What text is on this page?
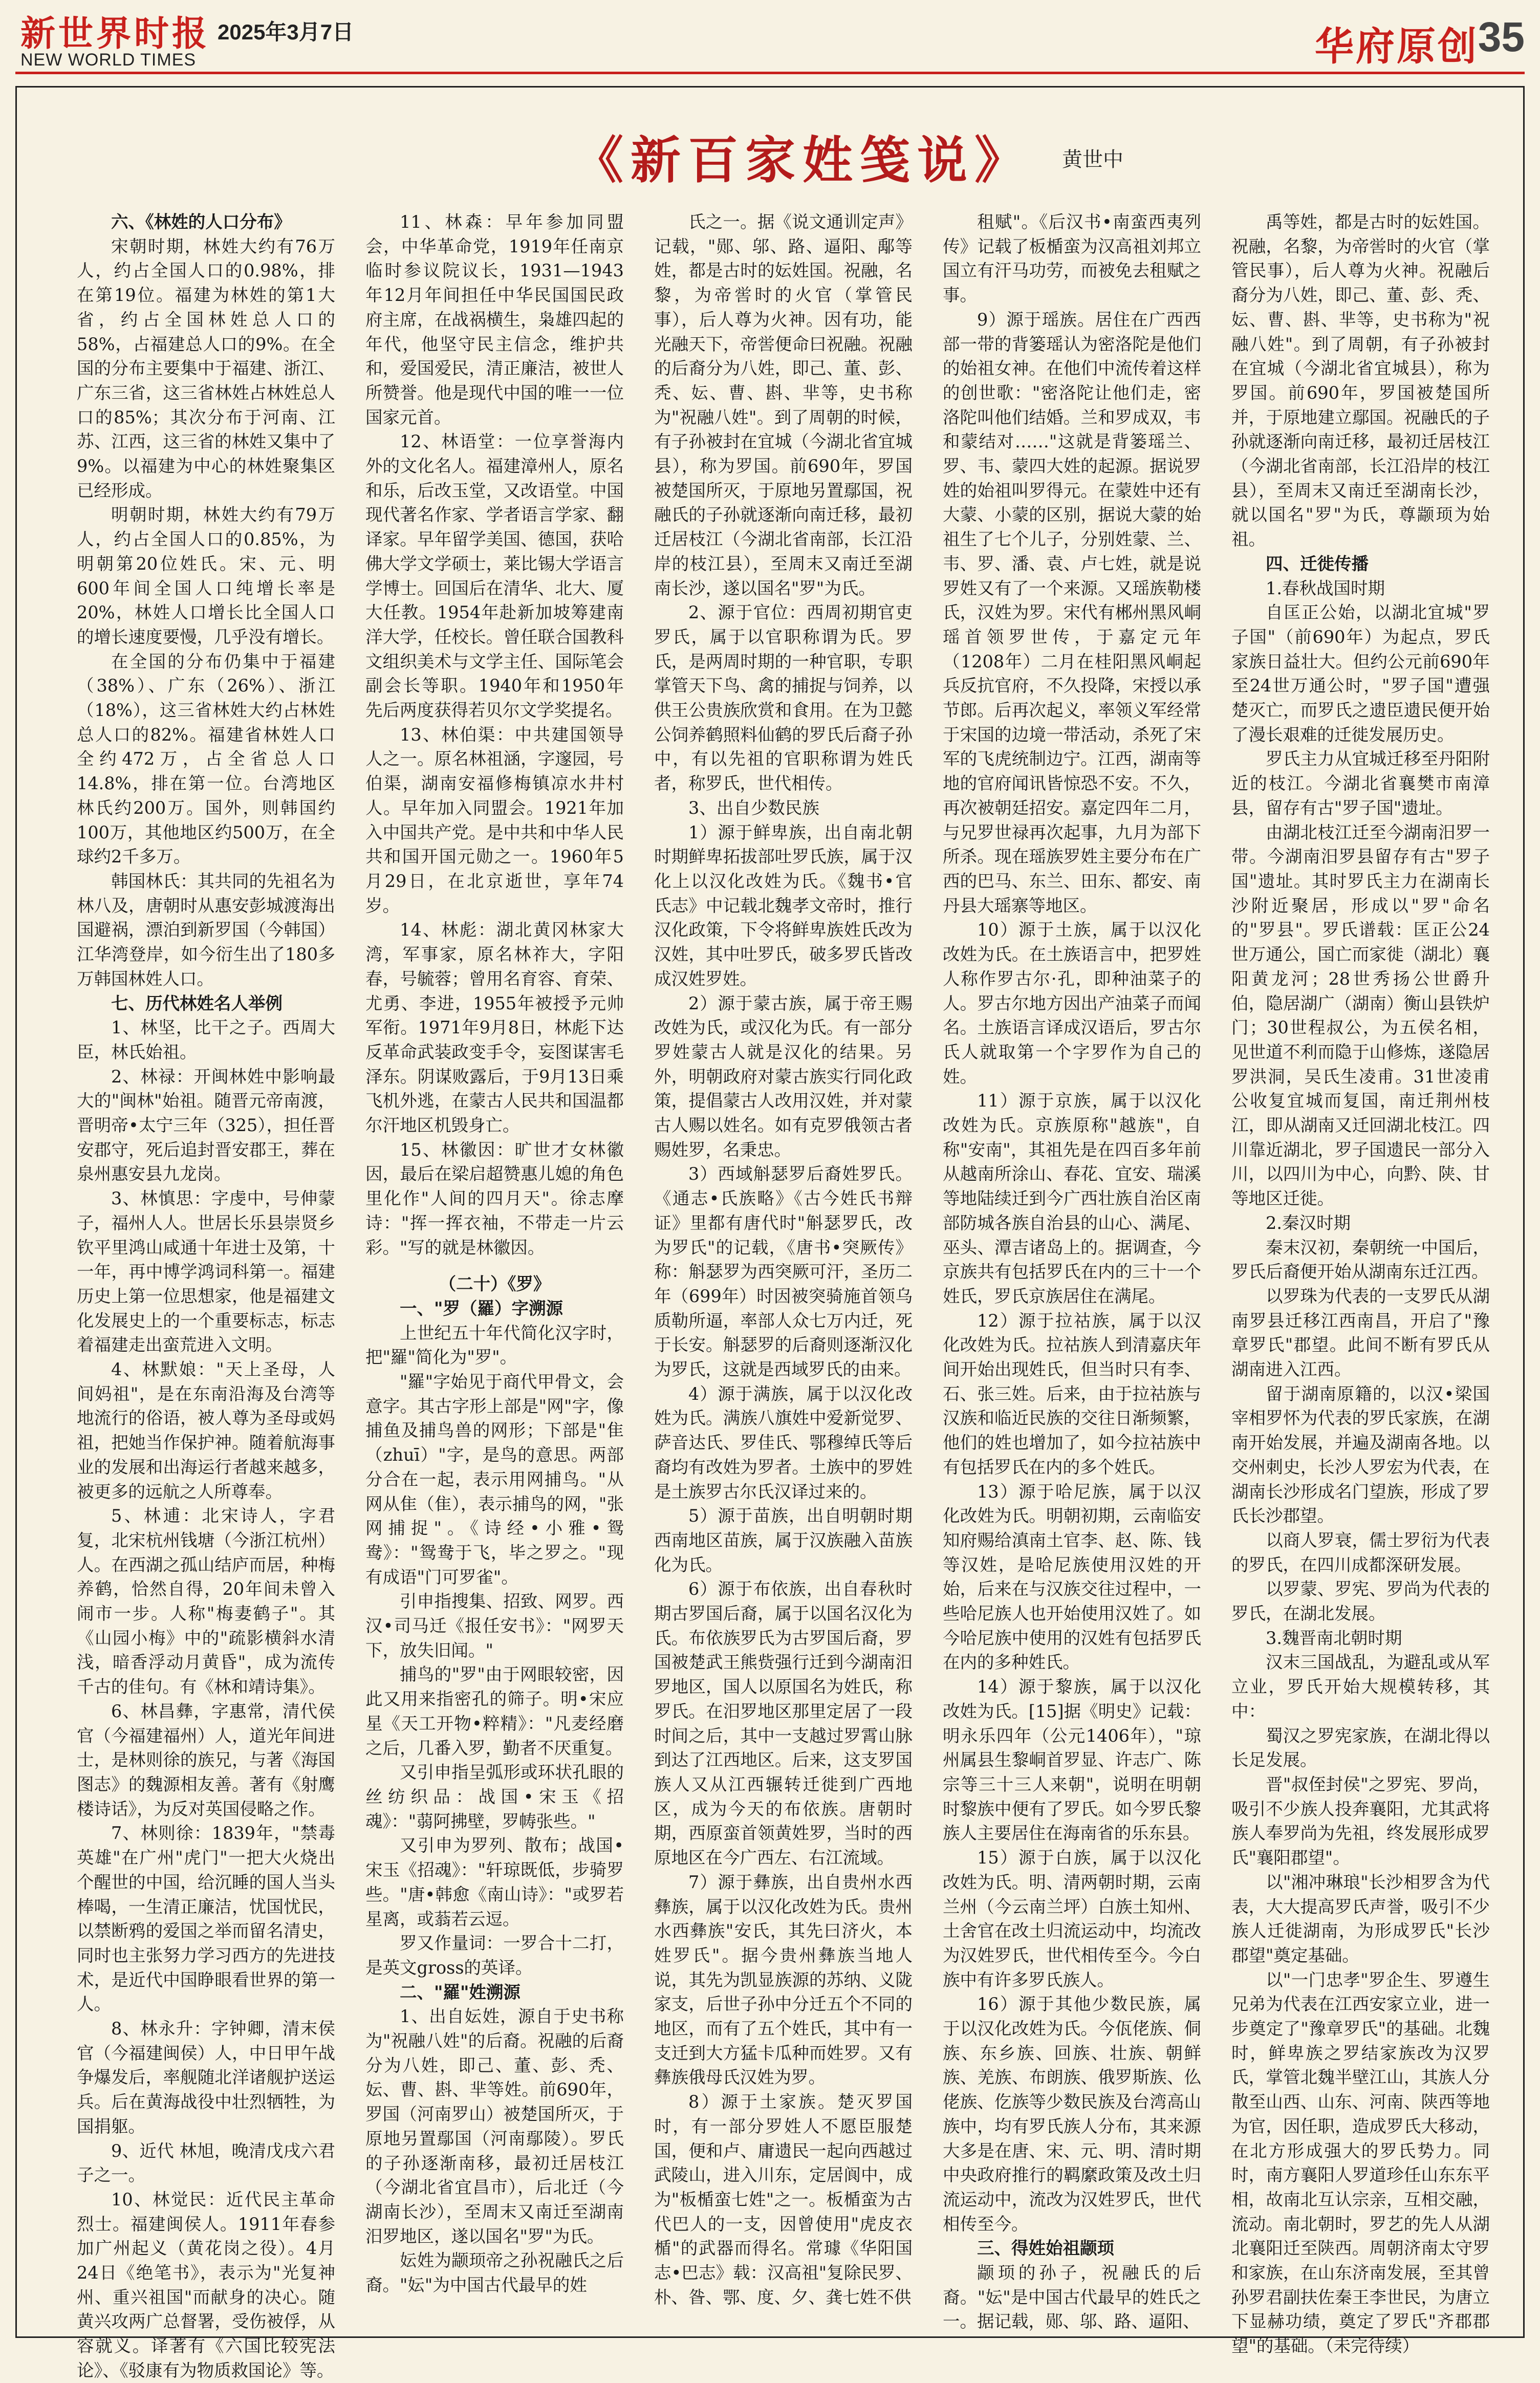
新世界时报 2025年3月7日
NEW WORLD TIMES	华府原创
35
《新百家姓笺说》 黄世中

六、《林姓的人口分布》

宋朝时期，林姓大约有76万人，约占全国人口的0.98%，排在第19位。福建为林姓的第1大省，约占全国林姓总人口的58%，占福建总人口的9%。在全国的分布主要集中于福建、浙江、广东三省，这三省林姓占林姓总人口的85%；其次分布于河南、江苏、江西，这三省的林姓又集中了9%。以福建为中心的林姓聚集区已经形成。

明朝时期，林姓大约有79万人，约占全国人口的0.85%，为明朝第20位姓氏。宋、元、明600年间全国人口纯增长率是20%，林姓人口增长比全国人口的增长速度要慢，几乎没有增长。

在全国的分布仍集中于福建（38%）、广东（26%）、浙江（18%），这三省林姓大约占林姓总人口的82%。福建省林姓人口全约472万，占全省总人口14.8%，排在第一位。台湾地区林氏约200万。国外，则韩国约100万，其他地区约500万，在全球约2千多万。

韩国林氏：其共同的先祖名为林八及，唐朝时从惠安彭城渡海出国避祸，漂泊到新罗国（今韩国）江华湾登岸，如今衍生出了180多万韩国林姓人口。

七、历代林姓名人举例

1、林坚，比干之子。西周大臣，林氏始祖。

2、林禄：开闽林姓中影响最大的"闽林"始祖。随晋元帝南渡，晋明帝•太宁三年（325），担任晋安郡守，死后追封晋安郡王，葬在泉州惠安县九龙岗。

3、林慎思：字虔中，号伸蒙子，福州人人。世居长乐县崇贤乡钦平里鸿山咸通十年进士及第，十一年，再中博学鸿词科第一。福建历史上第一位思想家，他是福建文化发展史上的一个重要标志，标志着福建走出蛮荒进入文明。

4、林默娘："天上圣母，人间妈祖"，是在东南沿海及台湾等地流行的俗语，被人尊为圣母或妈祖，把她当作保护神。随着航海事业的发展和出海运行者越来越多，被更多的远航之人所尊奉。

5、林逋：北宋诗人，字君复，北宋杭州钱塘（今浙江杭州）人。在西湖之孤山结庐而居，种梅养鹤，恰然自得，20年间未曾入闹市一步。人称"梅妻鹤子"。其《山园小梅》中的"疏影横斜水清浅，暗香浮动月黄昏"，成为流传千古的佳句。有《林和靖诗集》。

6、林昌彝，字惠常，清代侯官（今福建福州）人，道光年间进士，是林则徐的族兄，与著《海国图志》的魏源相友善。著有《射鹰楼诗话》，为反对英国侵略之作。

7、林则徐：1839年，"禁毒英雄"在广州"虎门"一把大火烧出个醒世的中国，给沉睡的国人当头棒喝，一生清正廉洁，忧国忧民，以禁断鸦的爱国之举而留名清史，同时也主张努力学习西方的先进技术，是近代中国睁眼看世界的第一人。

8、林永升：字钟卿，清末侯官（今福建闽侯）人，中日甲午战争爆发后，率舰随北洋诸舰护送运兵。后在黄海战役中壮烈牺牲，为国捐躯。

9、近代 林旭，晚清戊戌六君子之一。

10、林觉民：近代民主革命烈士。福建闽侯人。1911年春参加广州起义（黄花岗之役）。4月24日《绝笔书》，表示为"光复神州、重兴祖国"而献身的决心。随黄兴攻两广总督署，受伤被俘，从容就义。译著有《六国比较宪法论》、《驳康有为物质救国论》等。

11、林森：早年参加同盟会，中华革命党，1919年任南京临时参议院议长，1931—1943年12月年间担任中华民国国民政府主席，在战祸横生，枭雄四起的年代，他坚守民主信念，维护共和，爱国爱民，清正廉洁，被世人所赞誉。他是现代中国的唯一一位国家元首。

12、林语堂：一位享誉海内外的文化名人。福建漳州人，原名和乐，后改玉堂，又改语堂。中国现代著名作家、学者语言学家、翻译家。早年留学美国、德国，获哈佛大学文学硕士，莱比锡大学语言学博士。回国后在清华、北大、厦大任教。1954年赴新加坡筹建南洋大学，任校长。曾任联合国教科文组织美术与文学主任、国际笔会副会长等职。1940年和1950年先后两度获得若贝尔文学奖提名。

13、林伯渠：中共建国领导人之一。原名林祖涵，字邃园，号伯渠，湖南安福修梅镇凉水井村人。早年加入同盟会。1921年加入中国共产党。是中共和中华人民共和国开国元勋之一。1960年5月29日，在北京逝世，享年74岁。

14、林彪：湖北黄冈林家大湾，军事家，原名林祚大，字阳春，号毓蓉；曾用名育容、育荣、尤勇、李进，1955年被授予元帅军衔。1971年9月8日，林彪下达反革命武装政变手令，妄图谋害毛泽东。阴谋败露后，于9月13日乘飞机外逃，在蒙古人民共和国温都尔汗地区机毁身亡。

15、林徽因：旷世才女林徽因，最后在梁启超赞惠儿媳的角色里化作"人间的四月天"。徐志摩诗："挥一挥衣袖，不带走一片云彩。"写的就是林徽因。

（二十）《罗》

一、"罗（羅）字溯源

上世纪五十年代简化汉字时，把"羅"简化为"罗"。

"羅"字始见于商代甲骨文，会意字。其古字形上部是"网"字，像捕鱼及捕鸟兽的网形；下部是"隹（zhuī）"字，是鸟的意思。两部分合在一起，表示用网捕鸟。"从网从隹（隹），表示捕鸟的网，"张网捕捉"。《诗经•小雅•鸳鸯》："鸳鸯于飞，毕之罗之。"现有成语"门可罗雀"。

引申指搜集、招致、网罗。西汉•司马迁《报任安书》："网罗天下，放失旧闻。"

捕鸟的"罗"由于网眼较密，因此又用来指密孔的筛子。明•宋应星《天工开物•粹精》："凡麦经磨之后，几番入罗，勤者不厌重复。

又引申指呈弧形或环状孔眼的丝纺织品：战国•宋玉《招魂》："蒻阿拂壁，罗帱张些。"

又引申为罗列、散布；战国•宋玉《招魂》："轩琼既低，步骑罗些。"唐•韩愈《南山诗》："或罗若星离，或蓊若云逗。

罗又作量词：一罗合十二打，是英文gross的英译。

二、"羅"姓溯源

1、出自妘姓，源自于史书称为"祝融八姓"的后裔。祝融的后裔分为八姓，即己、董、彭、秃、妘、曹、斟、芈等姓。前690年，罗国（河南罗山）被楚国所灭，于原地另置鄢国（河南鄢陵）。罗氏的子孙逐渐南移，最初迁居枝江（今湖北省宜昌市），后北迁（今湖南长沙），至周末又南迁至湖南汨罗地区，遂以国名"罗"为氏。

妘姓为颛顼帝之孙祝融氏之后裔。"妘"为中国古代最早的姓

氏之一。据《说文通训定声》记载，"郧、邬、路、逼阳、鄅等姓，都是古时的妘姓国。祝融，名黎，为帝喾时的火官（掌管民事），后人尊为火神。因有功，能光融天下，帝喾便命曰祝融。祝融的后裔分为八姓，即己、董、彭、秃、妘、曹、斟、芈等，史书称为"祝融八姓"。到了周朝的时候，有子孙被封在宜城（今湖北省宜城县），称为罗国。前690年，罗国被楚国所灭，于原地另置鄢国，祝融氏的子孙就逐渐向南迁移，最初迁居枝江（今湖北省南部，长江沿岸的枝江县），至周末又南迁至湖南长沙，遂以国名"罗"为氏。

2、源于官位：西周初期官吏罗氏，属于以官职称谓为氏。罗氏，是两周时期的一种官职，专职掌管天下鸟、禽的捕捉与饲养，以供王公贵族欣赏和食用。在为卫懿公饲养鹤照料仙鹤的罗氏后裔子孙中，有以先祖的官职称谓为姓氏者，称罗氏，世代相传。

3、出自少数民族

1）源于鲜卑族，出自南北朝时期鲜卑拓拔部吐罗氏族，属于汉化上以汉化改姓为氏。《魏书•官氏志》中记载北魏孝文帝时，推行汉化政策，下令将鲜卑族姓氏改为汉姓，其中吐罗氏，破多罗氏皆改成汉姓罗姓。

2）源于蒙古族，属于帝王赐改姓为氏，或汉化为氏。有一部分罗姓蒙古人就是汉化的结果。另外，明朝政府对蒙古族实行同化政策，提倡蒙古人改用汉姓，并对蒙古人赐以姓名。如有克罗俄领古者赐姓罗，名秉忠。

3）西域斛瑟罗后裔姓罗氏。《通志•氏族略》《古今姓氏书辩证》里都有唐代时"斛瑟罗氏，改为罗氏"的记载，《唐书•突厥传》称：斛瑟罗为西突厥可汗，圣历二年（699年）时因被突骑施首领乌质勒所逼，率部人众七万内迁，死于长安。斛瑟罗的后裔则逐渐汉化为罗氏，这就是西域罗氏的由来。

4）源于满族，属于以汉化改姓为氏。满族八旗姓中爱新觉罗、萨音达氏、罗佳氏、鄂穆绰氏等后裔均有改姓为罗者。土族中的罗姓是土族罗古尔氏汉译过来的。

5）源于苗族，出自明朝时期西南地区苗族，属于汉族融入苗族化为氏。

6）源于布依族，出自春秋时期古罗国后裔，属于以国名汉化为氏。布依族罗氏为古罗国后裔，罗国被楚武王熊赀强行迁到今湖南汨罗地区，国人以原国名为姓氏，称罗氏。在汨罗地区那里定居了一段时间之后，其中一支越过罗霄山脉到达了江西地区。后来，这支罗国族人又从江西辗转迁徙到广西地区，成为今天的布依族。唐朝时期，西原蛮首领黄姓罗，当时的西原地区在今广西左、右江流域。

7）源于彝族，出自贵州水西彝族，属于以汉化改姓为氏。贵州水西彝族"安氏，其先曰济火，本姓罗氏"。据今贵州彝族当地人说，其先为凯显族源的苏纳、义陇家支，后世子孙中分迁五个不同的地区，而有了五个姓氏，其中有一支迁到大方猛卡瓜种而姓罗。又有彝族俄母氏汉姓为罗。

8）源于土家族。楚灭罗国时，有一部分罗姓人不愿臣服楚国，便和卢、庸遗民一起向西越过武陵山，进入川东，定居阆中，成为"板楯蛮七姓"之一。板楯蛮为古代巴人的一支，因曾使用"虎皮衣楯"的武器而得名。常璩《华阳国志•巴志》载：汉高祖"复除民罗、朴、昝、鄂、度、夕、龚七姓不供

租赋"。《后汉书•南蛮西夷列传》记载了板楯蛮为汉高祖刘邦立国立有汗马功劳，而被免去租赋之事。

9）源于瑶族。居住在广西西部一带的背篓瑶认为密洛陀是他们的始祖女神。在他们中流传着这样的创世歌："密洛陀让他们走，密洛陀叫他们结婚。兰和罗成双，韦和蒙结对……"这就是背篓瑶兰、罗、韦、蒙四大姓的起源。据说罗姓的始祖叫罗得元。在蒙姓中还有大蒙、小蒙的区别，据说大蒙的始祖生了七个儿子，分别姓蒙、兰、韦、罗、潘、袁、卢七姓，就是说罗姓又有了一个来源。又瑶族勒楼氏，汉姓为罗。宋代有郴州黑风峒瑶首领罗世传，于嘉定元年（1208年）二月在桂阳黑风峒起兵反抗官府，不久投降，宋授以承节郎。后再次起义，率领义军经常于宋国的边境一带活动，杀死了宋军的飞虎统制边宁。江西，湖南等地的官府闻讯皆惊恐不安。不久，再次被朝廷招安。嘉定四年二月，与兄罗世禄再次起事，九月为部下所杀。现在瑶族罗姓主要分布在广西的巴马、东兰、田东、都安、南丹县大瑶寨等地区。

10）源于土族，属于以汉化改姓为氏。在土族语言中，把罗姓人称作罗古尔·孔，即种油菜子的人。罗古尔地方因出产油菜子而闻名。土族语言译成汉语后，罗古尔氏人就取第一个字罗作为自己的姓。

11）源于京族，属于以汉化改姓为氏。京族原称"越族"，自称"安南"，其祖先是在四百多年前从越南所涂山、春花、宜安、瑞溪等地陆续迁到今广西壮族自治区南部防城各族自治县的山心、满尾、巫头、潭吉诸岛上的。据调查，今京族共有包括罗氏在内的三十一个姓氏，罗氏京族居住在满尾。

12）源于拉祜族，属于以汉化改姓为氏。拉祜族人到清嘉庆年间开始出现姓氏，但当时只有李、石、张三姓。后来，由于拉祜族与汉族和临近民族的交往日渐频繁，他们的姓也增加了，如今拉祜族中有包括罗氏在内的多个姓氏。

13）源于哈尼族，属于以汉化改姓为氏。明朝初期，云南临安知府赐给滇南土官李、赵、陈、钱等汉姓，是哈尼族使用汉姓的开始，后来在与汉族交往过程中，一些哈尼族人也开始使用汉姓了。如今哈尼族中使用的汉姓有包括罗氏在内的多种姓氏。

14）源于黎族，属于以汉化改姓为氏。[15]据《明史》记载：明永乐四年（公元1406年），"琼州属县生黎峒首罗显、许志广、陈宗等三十三人来朝"，说明在明朝时黎族中便有了罗氏。如今罗氏黎族人主要居住在海南省的乐东县。

15）源于白族，属于以汉化改姓为氏。明、清两朝时期，云南兰州（今云南兰坪）白族土知州、土舍官在改土归流运动中，均流改为汉姓罗氏，世代相传至今。今白族中有许多罗氏族人。

16）源于其他少数民族，属于以汉化改姓为氏。今佤佬族、侗族、东乡族、回族、壮族、朝鲜族、羌族、布朗族、俄罗斯族、仫佬族、仡族等少数民族及台湾高山族中，均有罗氏族人分布，其来源大多是在唐、宋、元、明、清时期中央政府推行的羁縻政策及改土归流运动中，流改为汉姓罗氏，世代相传至今。

三、得姓始祖颛顼

颛顼的孙子，祝融氏的后裔。"妘"是中国古代最早的姓氏之一。据记载，郧、邬、路、逼阳、

禹等姓，都是古时的妘姓国。祝融，名黎，为帝喾时的火官（掌管民事），后人尊为火神。祝融后裔分为八姓，即己、董、彭、秃、妘、曹、斟、芈等，史书称为"祝融八姓"。到了周朝，有子孙被封在宜城（今湖北省宜城县），称为罗国。前690年，罗国被楚国所并，于原地建立鄢国。祝融氏的子孙就逐渐向南迁移，最初迁居枝江（今湖北省南部，长江沿岸的枝江县），至周末又南迁至湖南长沙，就以国名"罗"为氏，尊颛顼为始祖。

四、迁徙传播

1.春秋战国时期

自匡正公始，以湖北宜城"罗子国"（前690年）为起点，罗氏家族日益壮大。但约公元前690年至24世万通公时，"罗子国"遭强楚灭亡，而罗氏之遗臣遗民便开始了漫长艰难的迁徙发展历史。

罗氏主力从宜城迁移至丹阳附近的枝江。今湖北省襄樊市南漳县，留存有古"罗子国"遗址。

由湖北枝江迁至今湖南汨罗一带。今湖南汨罗县留存有古"罗子国"遗址。其时罗氏主力在湖南长沙附近聚居，形成以"罗"命名的"罗县"。罗氏谱载：匡正公24世万通公，国亡而家徙（湖北）襄阳黄龙河；28世秀扬公世爵升伯，隐居湖广（湖南）衡山县铁炉门；30世程叔公，为五侯名相，见世道不利而隐于山修炼，遂隐居罗洪洞，吴氏生凌甫。31世凌甫公收复宜城而复国，南迁荆州枝江，即从湖南又迁回湖北枝江。四川靠近湖北，罗子国遗民一部分入川，以四川为中心，向黔、陕、甘等地区迁徙。

2.秦汉时期

秦末汉初，秦朝统一中国后，罗氏后裔便开始从湖南东迁江西。

以罗珠为代表的一支罗氏从湖南罗县迁移江西南昌，开启了"豫章罗氏"郡望。此间不断有罗氏从湖南进入江西。

留于湖南原籍的，以汉•梁国宰相罗怀为代表的罗氏家族，在湖南开始发展，并遍及湖南各地。以交州刺史，长沙人罗宏为代表，在湖南长沙形成名门望族，形成了罗氏长沙郡望。

以商人罗衰，儒士罗衍为代表的罗氏，在四川成都深研发展。

以罗蒙、罗宪、罗尚为代表的罗氏，在湖北发展。

3.魏晋南北朝时期

汉末三国战乱，为避乱或从军立业，罗氏开始大规模转移，其中：

蜀汉之罗宪家族，在湖北得以长足发展。

晋"叔侄封侯"之罗宪、罗尚，吸引不少族人投奔襄阳，尤其武将族人奉罗尚为先祖，终发展形成罗氏"襄阳郡望"。

以"湘冲琳琅"长沙相罗含为代表，大大提高罗氏声誉，吸引不少族人迁徙湖南，为形成罗氏"长沙郡望"奠定基础。

以"一门忠孝"罗企生、罗遵生兄弟为代表在江西安家立业，进一步奠定了"豫章罗氏"的基础。北魏时，鲜卑族之罗结家族改为汉罗氏，掌管北魏半壁江山，其族人分散至山西、山东、河南、陕西等地为官，因任职，造成罗氏大移动，在北方形成强大的罗氏势力。同时，南方襄阳人罗道珍任山东东平相，故南北互认宗亲，互相交融，流动。南北朝时，罗艺的先人从湖北襄阳迁至陕西。周朝济南太守罗和家族，在山东济南发展，至其曾孙罗君副扶佐秦王李世民，为唐立下显赫功绩，奠定了罗氏"齐郡郡望"的基础。（未完待续）
